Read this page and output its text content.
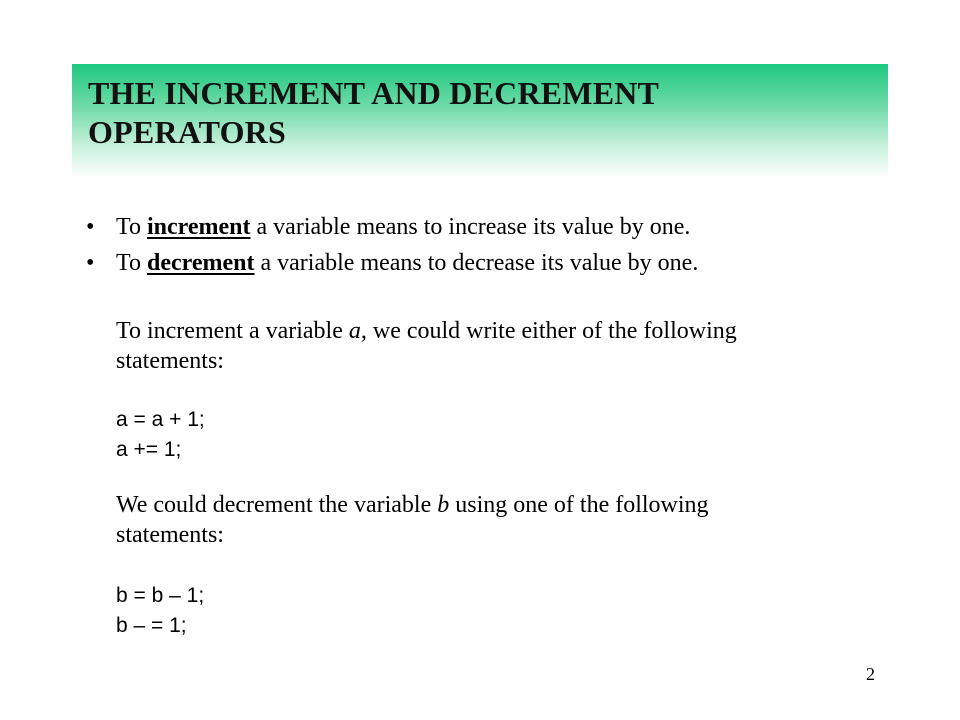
THE INCREMENT AND DECREMENT
OPERATORS
• To increment a variable means to increase its value by one.
• To decrement a variable means to decrease its value by one.
To increment a variable a, we could write either of the following
statements:
a = a + 1;
a += 1;
We could decrement the variable b using one of the following
statements:
b = b – 1;
b – = 1;
2
